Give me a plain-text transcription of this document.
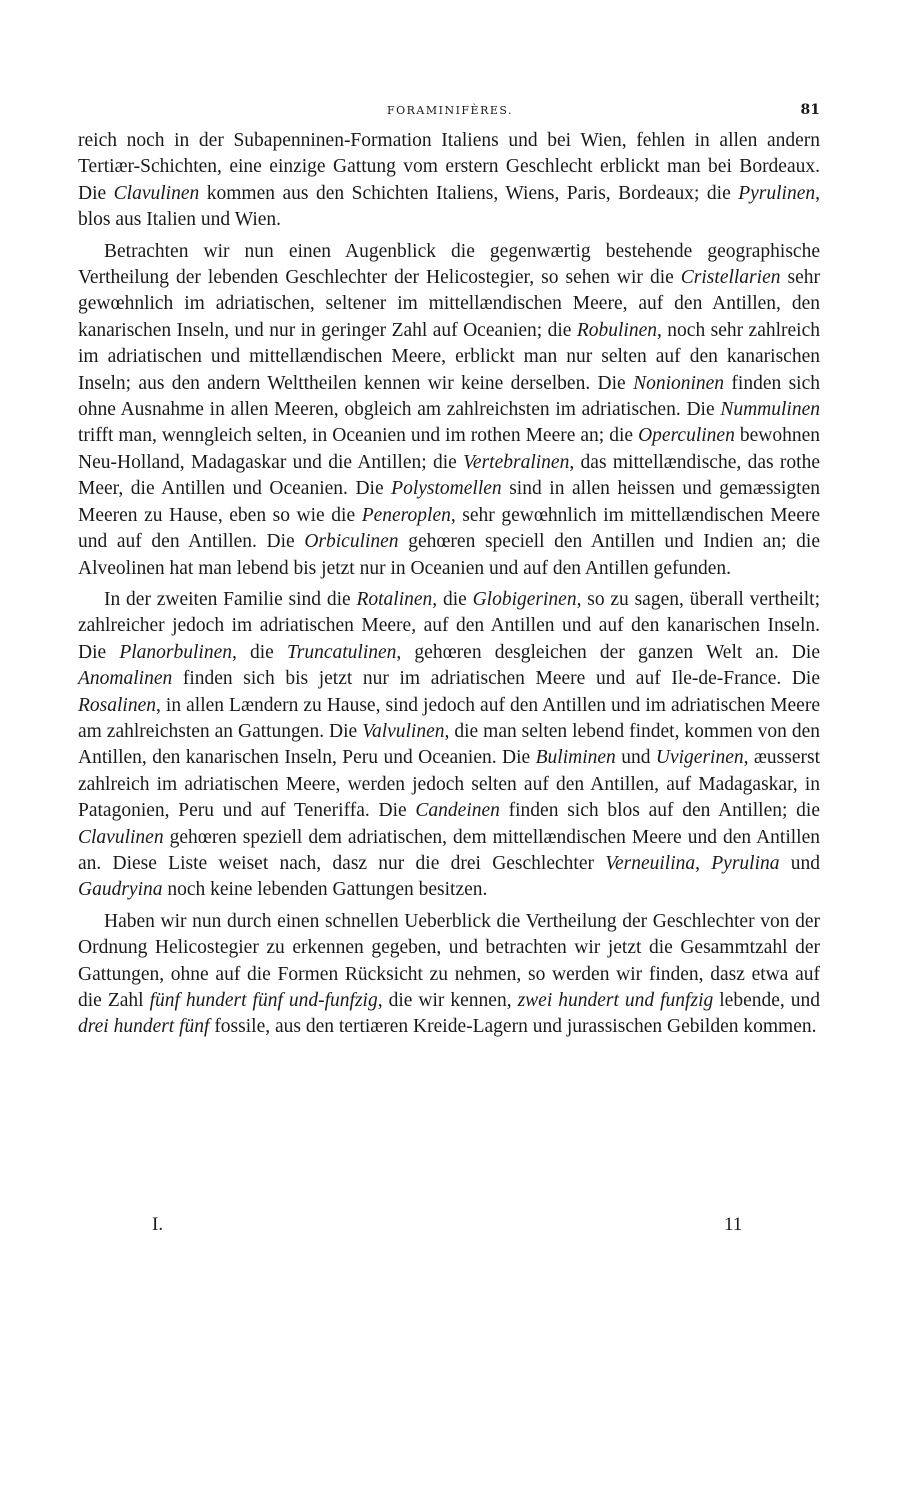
FORAMINIFÈRES.	81

reich noch in der Subapenninen-Formation Italiens und bei Wien, fehlen in allen andern Tertiær-Schichten, eine einzige Gattung vom erstern Geschlecht erblickt man bei Bordeaux. Die Clavulinen kommen aus den Schichten Italiens, Wiens, Paris, Bordeaux; die Pyrulinen, blos aus Italien und Wien.

Betrachten wir nun einen Augenblick die gegenwærtig bestehende geographische Vertheilung der lebenden Geschlechter der Helicostegier, so sehen wir die Cristellarien sehr gewœhnlich im adriatischen, seltener im mittellændischen Meere, auf den Antillen, den kanarischen Inseln, und nur in geringer Zahl auf Oceanien; die Robulinen, noch sehr zahlreich im adriatischen und mittellændischen Meere, erblickt man nur selten auf den kanarischen Inseln; aus den andern Welttheilen kennen wir keine derselben. Die Nonioninen finden sich ohne Ausnahme in allen Meeren, obgleich am zahlreichsten im adriatischen. Die Nummulinen trifft man, wenngleich selten, in Oceanien und im rothen Meere an; die Operculinen bewohnen Neu-Holland, Madagaskar und die Antillen; die Vertebralinen, das mittellændische, das rothe Meer, die Antillen und Oceanien. Die Polystomellen sind in allen heissen und gemæssigten Meeren zu Hause, eben so wie die Peneroplen, sehr gewœhnlich im mittellændischen Meere und auf den Antillen. Die Orbiculinen gehœren speciell den Antillen und Indien an; die Alveolinen hat man lebend bis jetzt nur in Oceanien und auf den Antillen gefunden.

In der zweiten Familie sind die Rotalinen, die Globigerinen, so zu sagen, überall vertheilt; zahlreicher jedoch im adriatischen Meere, auf den Antillen und auf den kanarischen Inseln. Die Planorbulinen, die Truncatulinen, gehœren desgleichen der ganzen Welt an. Die Anomalinen finden sich bis jetzt nur im adriatischen Meere und auf Ile-de-France. Die Rosalinen, in allen Lændern zu Hause, sind jedoch auf den Antillen und im adriatischen Meere am zahlreichsten an Gattungen. Die Valvulinen, die man selten lebend findet, kommen von den Antillen, den kanarischen Inseln, Peru und Oceanien. Die Buliminen und Uvigerinen, æusserst zahlreich im adriatischen Meere, werden jedoch selten auf den Antillen, auf Madagaskar, in Patagonien, Peru und auf Teneriffa. Die Candeinen finden sich blos auf den Antillen; die Clavulinen gehœren speziell dem adriatischen, dem mittellændischen Meere und den Antillen an. Diese Liste weiset nach, dasz nur die drei Geschlechter Verneuilina, Pyrulina und Gaudryina noch keine lebenden Gattungen besitzen.

Haben wir nun durch einen schnellen Ueberblick die Vertheilung der Geschlechter von der Ordnung Helicostegier zu erkennen gegeben, und betrachten wir jetzt die Gesammtzahl der Gattungen, ohne auf die Formen Rücksicht zu nehmen, so werden wir finden, dasz etwa auf die Zahl fünf hundert fünf und-funfzig, die wir kennen, zwei hundert und funfzig lebende, und drei hundert fünf fossile, aus den tertiæren Kreide-Lagern und jurassischen Gebilden kommen.

I.	11
